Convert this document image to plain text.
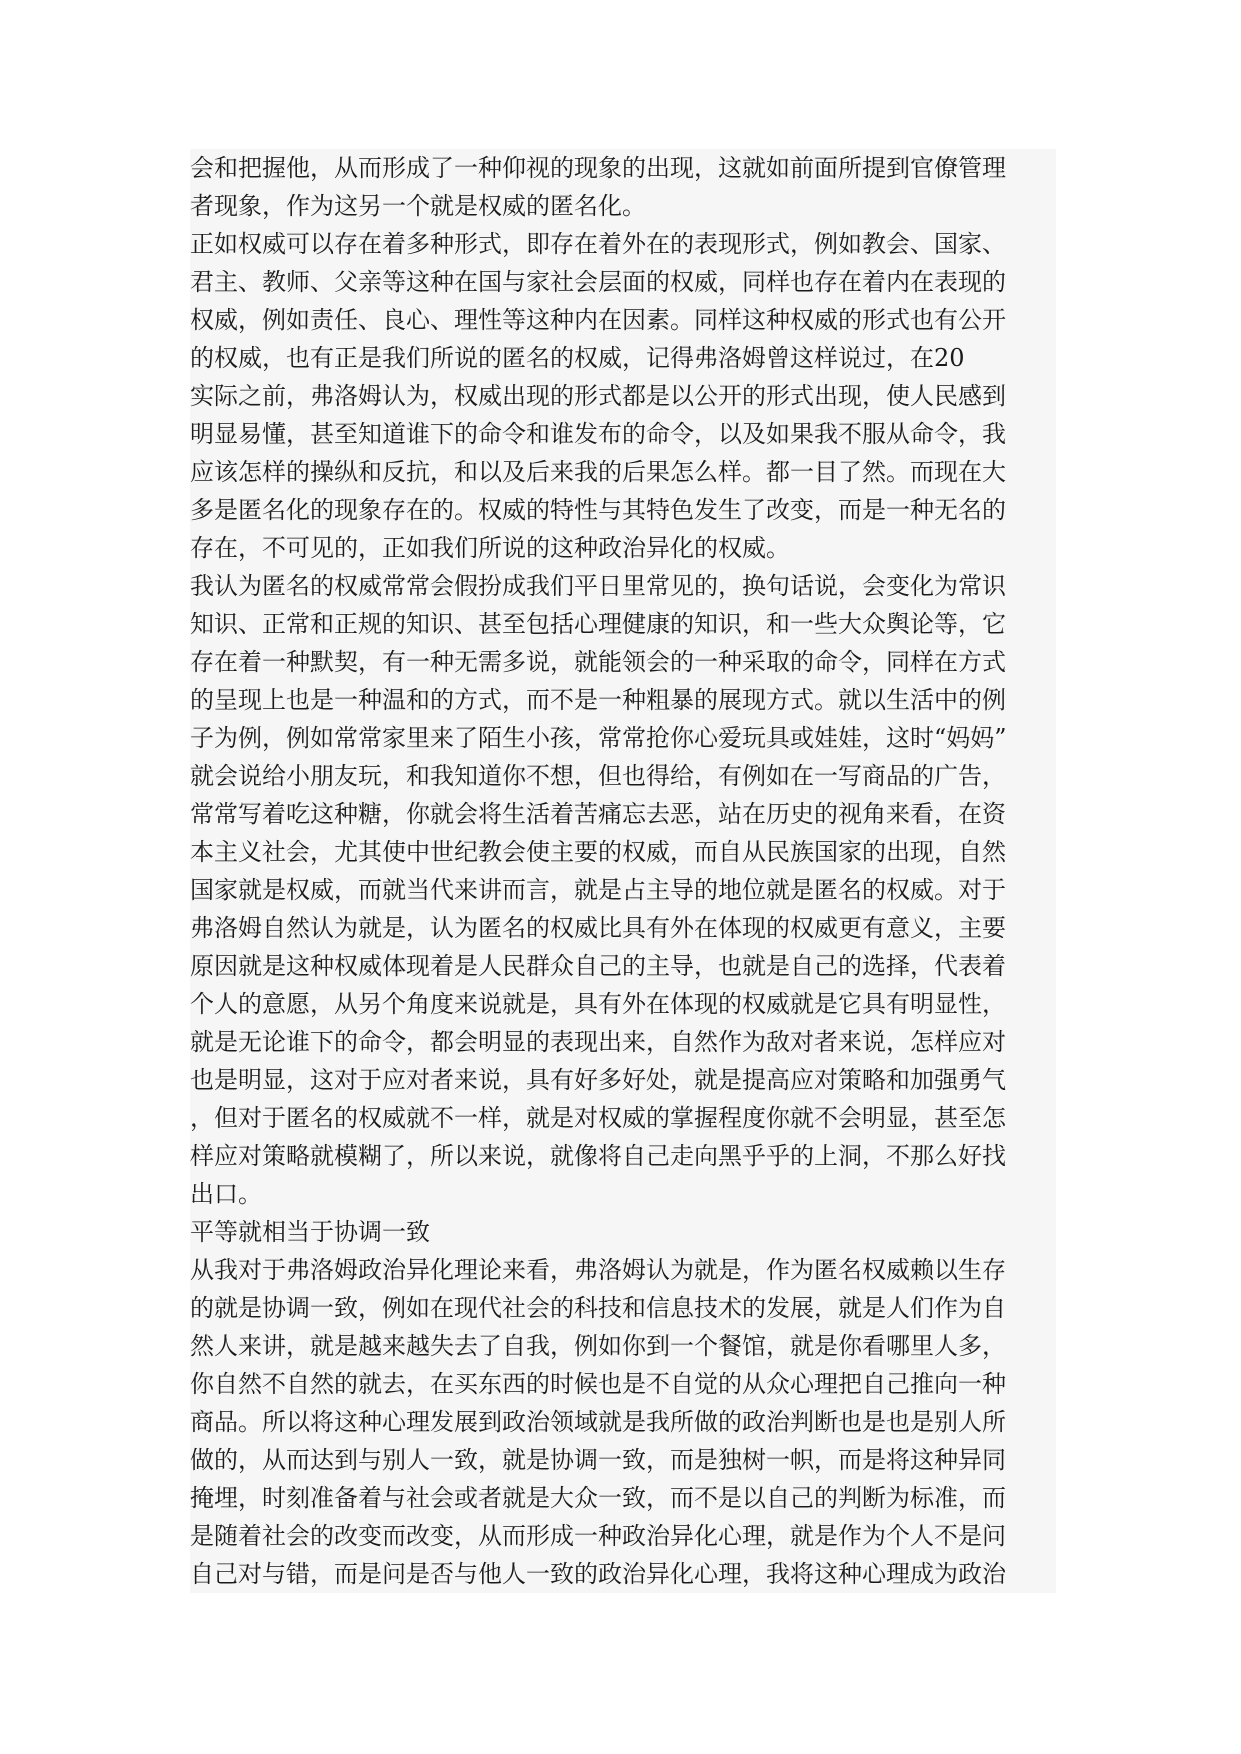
会和把握他，从而形成了一种仰视的现象的出现，这就如前面所提到官僚管理
者现象，作为这另一个就是权威的匿名化。
正如权威可以存在着多种形式，即存在着外在的表现形式，例如教会、国家、
君主、教师、父亲等这种在国与家社会层面的权威，同样也存在着内在表现的
权威，例如责任、良心、理性等这种内在因素。同样这种权威的形式也有公开
的权威，也有正是我们所说的匿名的权威，记得弗洛姆曾这样说过，在20
实际之前，弗洛姆认为，权威出现的形式都是以公开的形式出现，使人民感到
明显易懂，甚至知道谁下的命令和谁发布的命令，以及如果我不服从命令，我
应该怎样的操纵和反抗，和以及后来我的后果怎么样。都一目了然。而现在大
多是匿名化的现象存在的。权威的特性与其特色发生了改变，而是一种无名的
存在，不可见的，正如我们所说的这种政治异化的权威。
我认为匿名的权威常常会假扮成我们平日里常见的，换句话说，会变化为常识
知识、正常和正规的知识、甚至包括心理健康的知识，和一些大众舆论等，它
存在着一种默契，有一种无需多说，就能领会的一种采取的命令，同样在方式
的呈现上也是一种温和的方式，而不是一种粗暴的展现方式。就以生活中的例
子为例，例如常常家里来了陌生小孩，常常抢你心爱玩具或娃娃，这时“妈妈”
就会说给小朋友玩，和我知道你不想，但也得给，有例如在一写商品的广告，
常常写着吃这种糖，你就会将生活着苦痛忘去恶，站在历史的视角来看，在资
本主义社会，尤其使中世纪教会使主要的权威，而自从民族国家的出现，自然
国家就是权威，而就当代来讲而言，就是占主导的地位就是匿名的权威。对于
弗洛姆自然认为就是，认为匿名的权威比具有外在体现的权威更有意义，主要
原因就是这种权威体现着是人民群众自己的主导，也就是自己的选择，代表着
个人的意愿，从另个角度来说就是，具有外在体现的权威就是它具有明显性，
就是无论谁下的命令，都会明显的表现出来，自然作为敌对者来说，怎样应对
也是明显，这对于应对者来说，具有好多好处，就是提高应对策略和加强勇气
，但对于匿名的权威就不一样，就是对权威的掌握程度你就不会明显，甚至怎
样应对策略就模糊了，所以来说，就像将自己走向黑乎乎的上洞，不那么好找
出口。
平等就相当于协调一致
从我对于弗洛姆政治异化理论来看，弗洛姆认为就是，作为匿名权威赖以生存
的就是协调一致，例如在现代社会的科技和信息技术的发展，就是人们作为自
然人来讲，就是越来越失去了自我，例如你到一个餐馆，就是你看哪里人多，
你自然不自然的就去，在买东西的时候也是不自觉的从众心理把自己推向一种
商品。所以将这种心理发展到政治领域就是我所做的政治判断也是也是别人所
做的，从而达到与别人一致，就是协调一致，而是独树一帜，而是将这种异同
掩埋，时刻准备着与社会或者就是大众一致，而不是以自己的判断为标准，而
是随着社会的改变而改变，从而形成一种政治异化心理，就是作为个人不是问
自己对与错，而是问是否与他人一致的政治异化心理，我将这种心理成为政治
